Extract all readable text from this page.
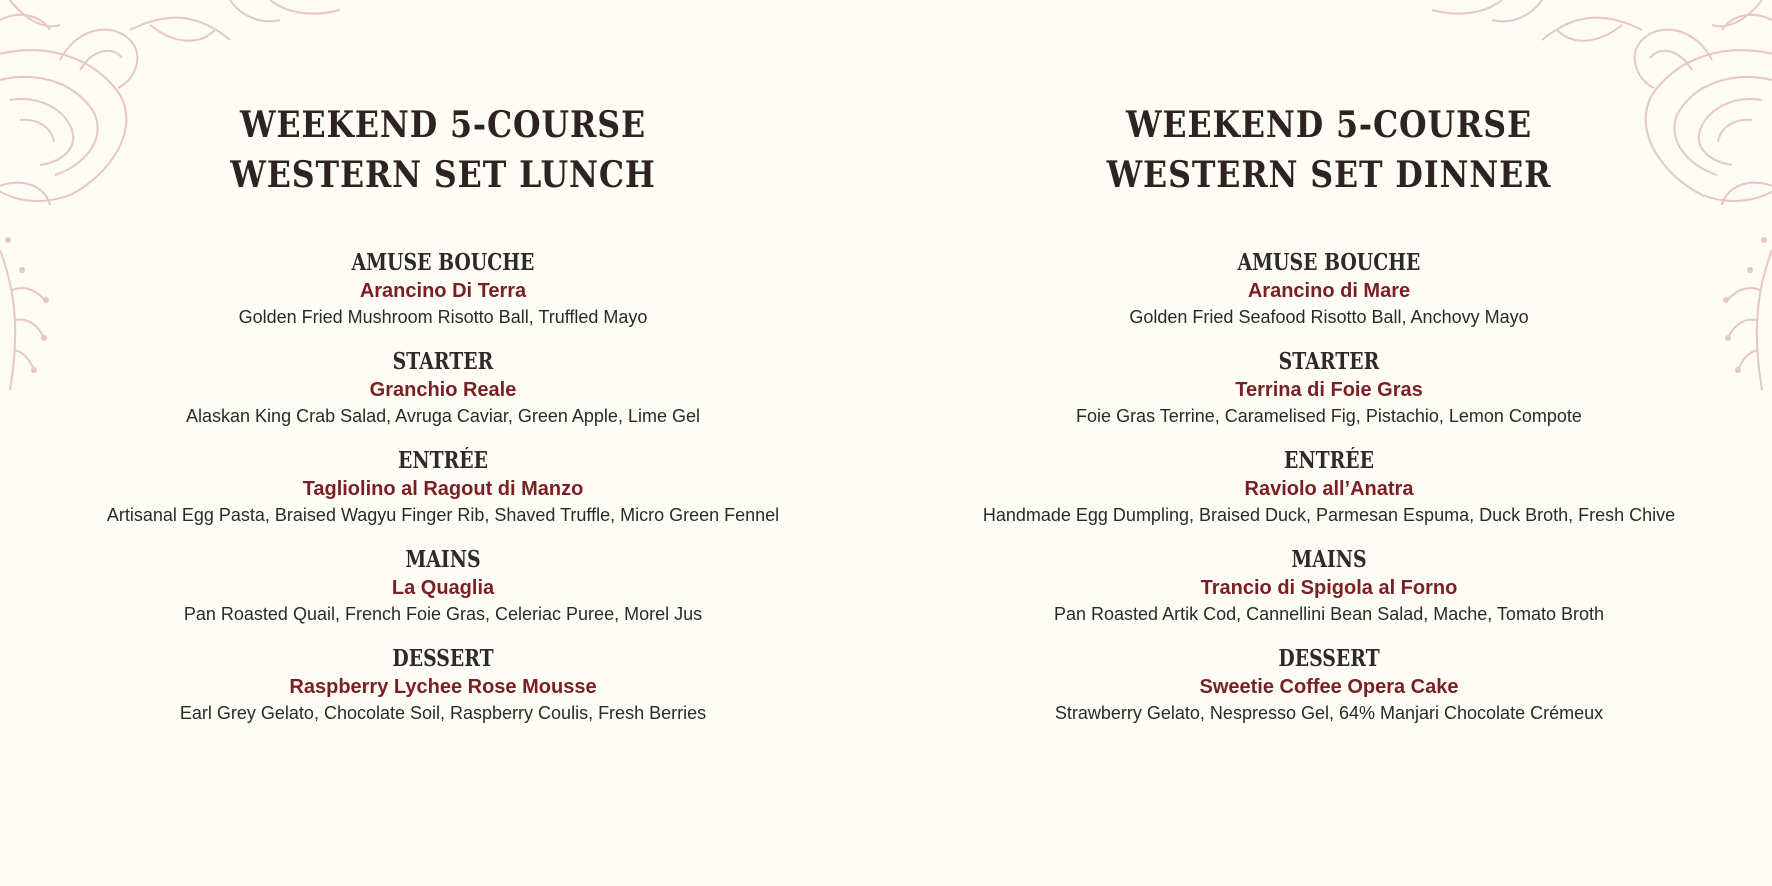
WEEKEND 5-COURSE
WESTERN SET LUNCH
AMUSE BOUCHE
Arancino Di Terra
Golden Fried Mushroom Risotto Ball, Truffled Mayo
STARTER
Granchio Reale
Alaskan King Crab Salad, Avruga Caviar, Green Apple, Lime Gel
ENTRÉE
Tagliolino al Ragout di Manzo
Artisanal Egg Pasta, Braised Wagyu Finger Rib, Shaved Truffle, Micro Green Fennel
MAINS
La Quaglia
Pan Roasted Quail, French Foie Gras, Celeriac Puree, Morel Jus
DESSERT
Raspberry Lychee Rose Mousse
Earl Grey Gelato, Chocolate Soil, Raspberry Coulis, Fresh Berries
WEEKEND 5-COURSE
WESTERN SET DINNER
AMUSE BOUCHE
Arancino di Mare
Golden Fried Seafood Risotto Ball, Anchovy Mayo
STARTER
Terrina di Foie Gras
Foie Gras Terrine, Caramelised Fig, Pistachio, Lemon Compote
ENTRÉE
Raviolo all’Anatra
Handmade Egg Dumpling, Braised Duck, Parmesan Espuma, Duck Broth, Fresh Chive
MAINS
Trancio di Spigola al Forno
Pan Roasted Artik Cod, Cannellini Bean Salad, Mache, Tomato Broth
DESSERT
Sweetie Coffee Opera Cake
Strawberry Gelato, Nespresso Gel, 64% Manjari Chocolate Crémeux
